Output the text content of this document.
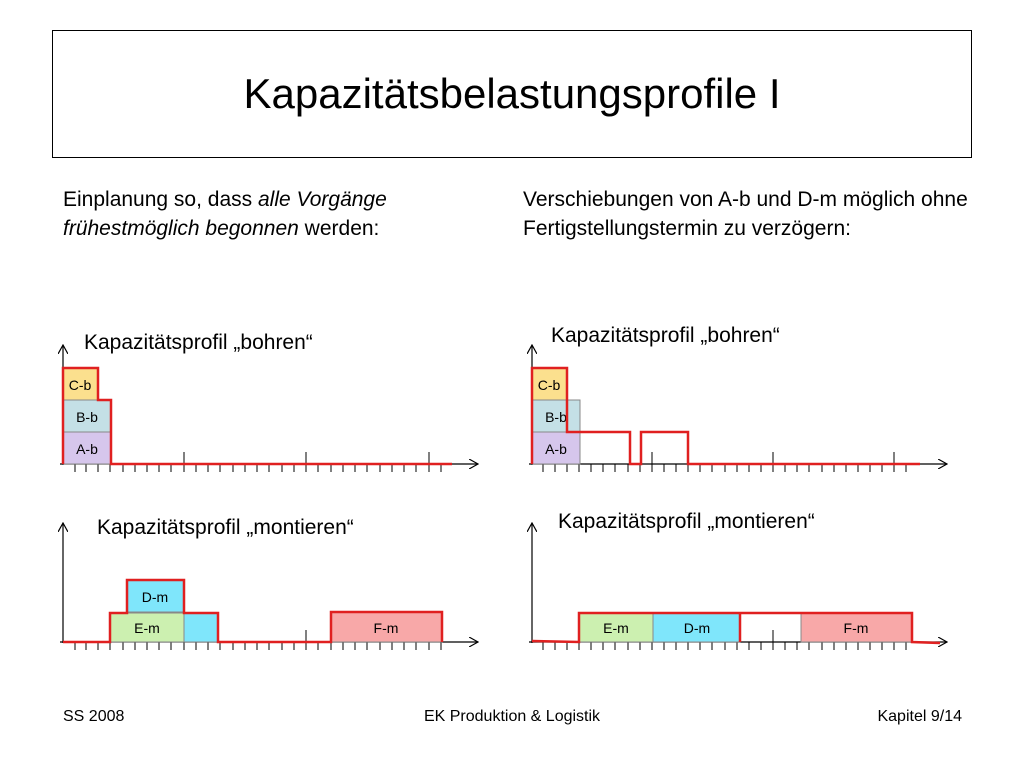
Kapazitätsbelastungsprofile I
Einplanung so, dass alle Vorgänge frühestmöglich begonnen werden:
Verschiebungen von A-b und D-m möglich ohne Fertigstellungstermin zu verzögern:
Kapazitätsprofil „bohren“	Kapazitätsprofil „bohren“
Kapazitätsprofil „montieren“	Kapazitätsprofil „montieren“
C-b
B-b
A-b
C-b
B-b
A-b
D-m
E-m	F-m	E-m	D-m	F-m
SS 2008	EK Produktion & Logistik	Kapitel 9/14
